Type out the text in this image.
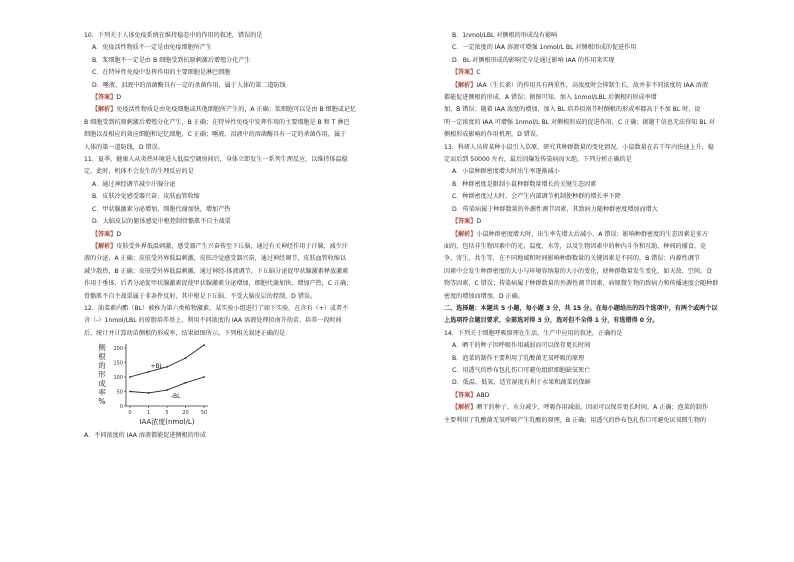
10．下列关于人体免疫系统在维持稳态中的作用的叙述，错误的是

A．免疫活性物质不一定是由免疫细胞所产生

B．浆细胞不一定是由 B 细胞受到抗原刺激后增殖分化产生

C．在特异性免疫中发挥作用的主要细胞是淋巴细胞

D．唾液、泪液中的溶菌酶具有一定的杀菌作用，属于人体的第二道防线

【答案】D

【解析】免疫活性物质是由免疫细胞或其他细胞所产生的，A 正确；浆细胞可以是由 B 细胞或记忆

B 细胞受到抗原刺激后增殖分化产生，B 正确；在特异性免疫中发挥作用的主要细胞是 B 和 T 淋巴

细胞以及相应的效应细胞和记忆细胞，C 正确；唾液、泪液中的溶菌酶具有一定的杀菌作用，属于

人体的第一道防线，D 错误。

11．夏季，健康人从炎热环境进入低温空调房间后，身体立即发生一系列生理反应，以维持体温稳

定。此时，机体不会发生的生理反应的是

A．通过神经调节减少汗腺分泌

B．皮肤冷觉感受器兴奋，皮肤血管收缩

C．甲状腺激素分泌增加，细胞代谢加快，增加产热

D．大脑皮层的躯体感觉中枢控制骨骼肌不自主战栗

【答案】D

【解析】皮肤受外界低温刺激，感受器产生兴奋传至下丘脑，通过有关神经作用于汗腺，减少汗

液的分泌，A 正确；皮肤受外界低温刺激，皮肤冷觉感受器兴奋，通过神经调节，皮肤血管收缩以

减少散热，B 正确；皮肤受外界低温刺激，通过神经-体液调节，下丘脑分泌促甲状腺激素释放激素

作用于垂体，后者分泌促甲状腺激素促使甲状腺激素分泌增加，细胞代谢加快，增加产热，C 正确；

骨骼肌不自主战栗属于非条件反射，其中枢是下丘脑，不受大脑皮层的控制，D 错误。

12．油菜素内酯（BL）被称为第六类植物激素，某实验小组进行了如下实验，在含有（+）或者不

含（-）1nmol/LBL 的琼脂培养基上，利用不同浓度的 IAA 溶液处理拟南芥幼苗，培养一段时间

后，统计并计算幼苗侧根的形成率，结果如图所示。下列相关叙述正确的是

0
50
100
150
200
0	1	5	20 50
IAA浓度(nmol/L)
侧
根
的
形
成
率
%
+BL
-BL

A．不同浓度的 IAA 溶液都能促进侧根的形成

B．1nmol/LBL 对侧根的形成没有影响

C．一定浓度的 IAA 溶液可增强 1nmol/L BL 对侧根形成的促进作用

D．BL 对侧根形成的影响完全是通过影响 IAA 的作用来实现

【答案】C

【解析】IAA（生长素）的作用具有两重性，高浓度时会抑制生长，故并非不同浓度的 IAA 溶液

都能促进侧根的形成，A 错误；据图可知，加入 1nmol/LBL 后侧根的形成率增

加，B 错误；随着 IAA 浓度的增加，加入 BL 培养拟南芥时侧根的形成率都高于不加 BL 时，说

明一定浓度的 IAA 可增强 1nmol/L BL 对侧根形成的促进作用，C 正确；据题干信息无法得知 BL 对

侧根形成影响的作用机理，D 错误。

13．科研人员将某种小鼠引入草原，研究其种群数量的变化情况。小鼠数量在若干年内快速上升，稳

定而后到 50000 左右，最后因爆发传染病而灭绝。下列分析正确的是

A．小鼠种群密度增大时出生率逐渐减小

B．种群密度是限制小鼠种群数量增长的关键生态因素

C．种群密度过大时，会产生内部调节机制使种群的增长率下降

D．传染病属于种群数量的外源性调节因素，其致病力随种群密度增加而增大

【答案】D

【解析】小鼠种群密度增大时，出生率先增大后减小，A 错误；影响种群密度的生态因素是多方

面的，包括非生物因素中的光、温度、水等，以及生物因素中的种内斗争和互助、种间的捕食、竞

争、寄生、共生等，在不同地域和时间影响种群数量的关键因素是不同的，B 错误；内源性调节

因素中会发生种群密度的大小与环境容纳量的大小的变化，使种群数量发生变化，如天敌、空间、食

物等因素，C 错误；传染病属于种群数量的外源性调节因素，病原微生物的致病力和传播速度会随种群

密度的增加而增加，D 正确。

二、选择题：本题共 5 小题，每小题 3 分，共 15 分。在每小题给出的四个选项中，有两个或两个以

上选项符合题目要求，全部选对得 3 分，选对但不全得 1 分，有选错得 0 分。

14．下列关于细胞呼吸原理在生活、生产中应用的叙述，正确的是

A．晒干的种子因呼吸作用减弱而可以保存更长时间

B．泡菜的制作主要利用了乳酸菌无氧呼吸的原理

C．用透气的纱布包扎伤口可避免组织细胞缺氧死亡

D．低温、低氧、适宜湿度有利于水果和蔬菜的保鲜

【答案】ABD

【解析】晒干的种子，水分减少，呼吸作用减弱，因而可以保存更长时间，A 正确；泡菜的制作

主要利用了乳酸菌无氧呼吸产生乳酸的原理，B 正确；用透气的纱布包扎伤口可避免厌氧微生物的
